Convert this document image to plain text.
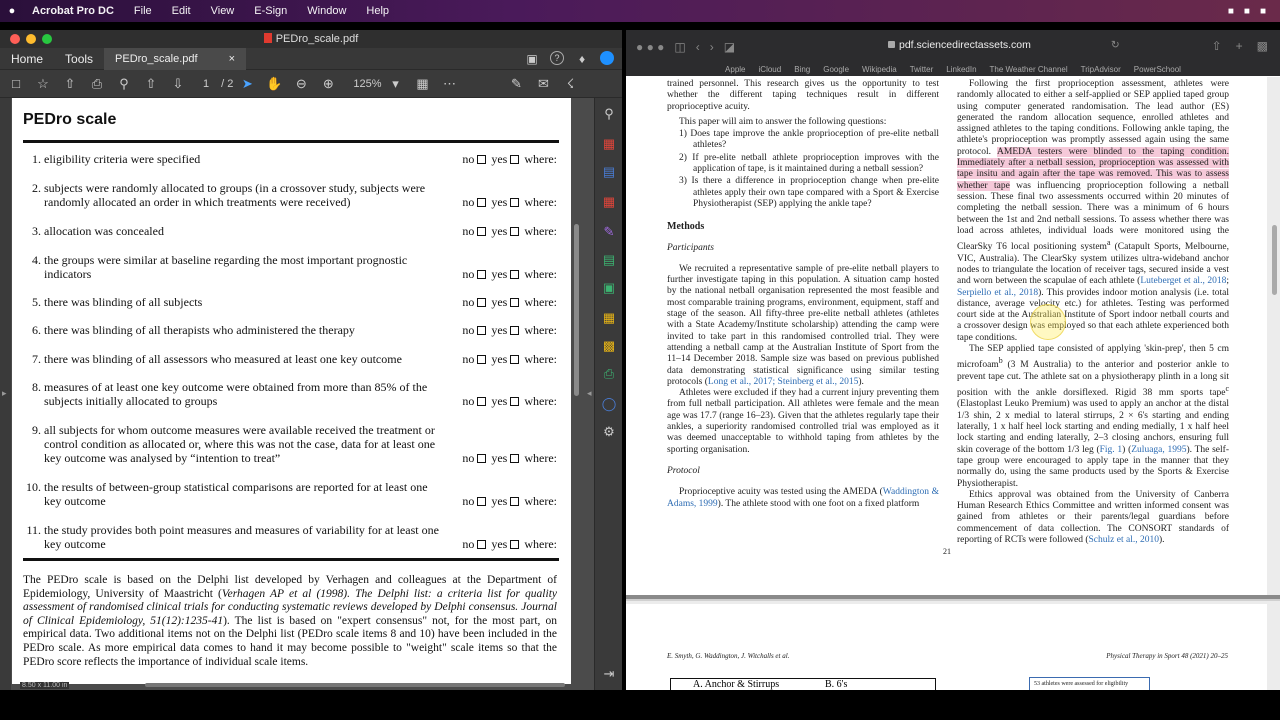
●	Acrobat Pro DC File Edit View E-Sign Window Help	■ ■ ■
PEDro_scale.pdf
Home	Tools	PEDro_scale.pdf	×	▣	?	♦
□	☆ ⇧ ⎙ ⚲ ⇧ ⇩ 1 / 2 ➤ ✋ ⊖ ⊕ 125% ▾	▦ ⋯	✎ ✉	☇
▸
PEDro scale
1. eligibility criteria were specified	no yes where:
2. subjects were randomly allocated to groups (in a crossover study, subjects were randomly allocated an order in which treatments were received)	no yes where:
3. allocation was concealed	no yes where:
4. the groups were similar at baseline regarding the most important prognostic indicators	no yes where:
5. there was blinding of all subjects	no yes where:
6. there was blinding of all therapists who administered the therapy	no yes where:
7. there was blinding of all assessors who measured at least one key outcome	no yes where:
8. measures of at least one key outcome were obtained from more than 85% of the subjects initially allocated to groups	no yes where:
9. all subjects for whom outcome measures were available received the treatment or control condition as allocated or, where this was not the case, data for at least one key outcome was analysed by “intention to treat”	no yes where:
10. the results of between-group statistical comparisons are reported for at least one key outcome	no yes where:
11. the study provides both point measures and measures of variability for at least one key outcome	no yes where:
The PEDro scale is based on the Delphi list developed by Verhagen and colleagues at the Department of Epidemiology, University of Maastricht (Verhagen AP et al (1998). The Delphi list: a criteria list for quality assessment of randomised clinical trials for conducting systematic reviews developed by Delphi consensus. Journal of Clinical Epidemiology, 51(12):1235-41). The list is based on "expert consensus" not, for the most part, on empirical data. Two additional items not on the Delphi list (PEDro scale items 8 and 10) have been included in the PEDro scale. As more empirical data comes to hand it may become possible to "weight" scale items so that the PEDro score reflects the importance of individual scale items.
8.50 x 11.00 in
◂
⚲
▦
▤
▦
✎
▤
▣
▦
▩
⎙
◯
⚙
⇥
● ● ● ◫ ‹ › ◪	pdf.sciencedirectassets.com	↻	⇧ + ▩
Apple iCloud Bing Google Wikipedia Twitter LinkedIn The Weather Channel TripAdvisor PowerSchool

trained personnel. This research gives us the opportunity to test whether the different taping techniques result in different proprioceptive acuity.

This paper will aim to answer the following questions:

1) Does tape improve the ankle proprioception of pre-elite netball athletes?

2) If pre-elite netball athlete proprioception improves with the application of tape, is it maintained during a netball session?

3) Is there a difference in proprioception change when pre-elite athletes apply their own tape compared with a Sport & Exercise Physiotherapist (SEP) applying the ankle tape?

Methods

Participants

We recruited a representative sample of pre-elite netball players to further investigate taping in this population. A situation camp hosted by the national netball organisation represented the most feasible and most comparable training programs, environment, equipment, staff and stage of the season. All fifty-three pre-elite netball athletes (athletes with a State Academy/Institute scholarship) attending the camp were invited to take part in this randomised controlled trial. They were attending a netball camp at the Australian Institute of Sport from the 11–14 December 2018. Sample size was based on previous published data demonstrating statistical significance using similar testing protocols (Long et al., 2017; Steinberg et al., 2015).

Athletes were excluded if they had a current injury preventing them from full netball participation. All athletes were female and the mean age was 17.7 (range 16–23). Given that the athletes regularly tape their ankles, a superiority randomised controlled trial was employed as it was deemed unacceptable to withhold taping from athletes by the sporting organisation.

Protocol

Proprioceptive acuity was tested using the AMEDA (Waddington & Adams, 1999). The athlete stood with one foot on a fixed platform

Following the first proprioception assessment, athletes were randomly allocated to either a self-applied or SEP applied taped group using computer generated randomisation. The lead author (ES) generated the random allocation sequence, enrolled athletes and assigned athletes to the taping conditions. Following ankle taping, the athlete's proprioception was promptly assessed again using the same protocol. AMEDA testers were blinded to the taping condition. Immediately after a netball session, proprioception was assessed with tape insitu and again after the tape was removed. This was to assess whether tape was influencing proprioception following a netball session. These final two assessments occurred within 20 minutes of completing the netball session. There was a minimum of 6 hours between the 1st and 2nd netball sessions. To assess whether there was load across athletes, individual loads were monitored using the ClearSky T6 local positioning system$^a$ (Catapult Sports, Melbourne, VIC, Australia). The ClearSky system utilizes ultra-wideband anchor nodes to triangulate the location of receiver tags, secured inside a vest and worn between the scapulae of each athlete (Luteberget et al., 2018; Serpiello et al., 2018). This provides indoor motion analysis (i.e. total distance, average velocity etc.) for athletes. Testing was performed court side at the Australian Institute of Sport indoor netball courts and a crossover design was employed so that each athlete experienced both tape conditions.

The SEP applied tape consisted of applying 'skin-prep', then 5 cm microfoam$^b$ (3 M Australia) to the anterior and posterior ankle to prevent tape cut. The athlete sat on a physiotherapy plinth in a long sit position with the ankle dorsiflexed. Rigid 38 mm sports tape$^c$ (Elastoplast Leuko Premium) was used to apply an anchor at the distal 1/3 shin, 2 x medial to lateral stirrups, 2 × 6's starting and ending laterally, 1 x half heel lock starting and ending medially, 1 x half heel lock starting and ending laterally, 2–3 closing anchors, ensuring full skin coverage of the bottom 1/3 leg (Fig. 1) (Zuluaga, 1995). The self-tape group were encouraged to apply tape in the manner that they normally do, using the same products used by the Sports & Exercise Physiotherapist.

Ethics approval was obtained from the University of Canberra Human Research Ethics Committee and written informed consent was gained from athletes or their parents/legal guardians before commencement of data collection. The CONSORT standards of reporting of RCTs were followed (Schulz et al., 2010).

21
E. Smyth, G. Waddington, J. Witchalls et al.	Physical Therapy in Sport 48 (2021) 20–25
A. Anchor & Stirrups	B. 6's	53 athletes were assessed for eligibility
